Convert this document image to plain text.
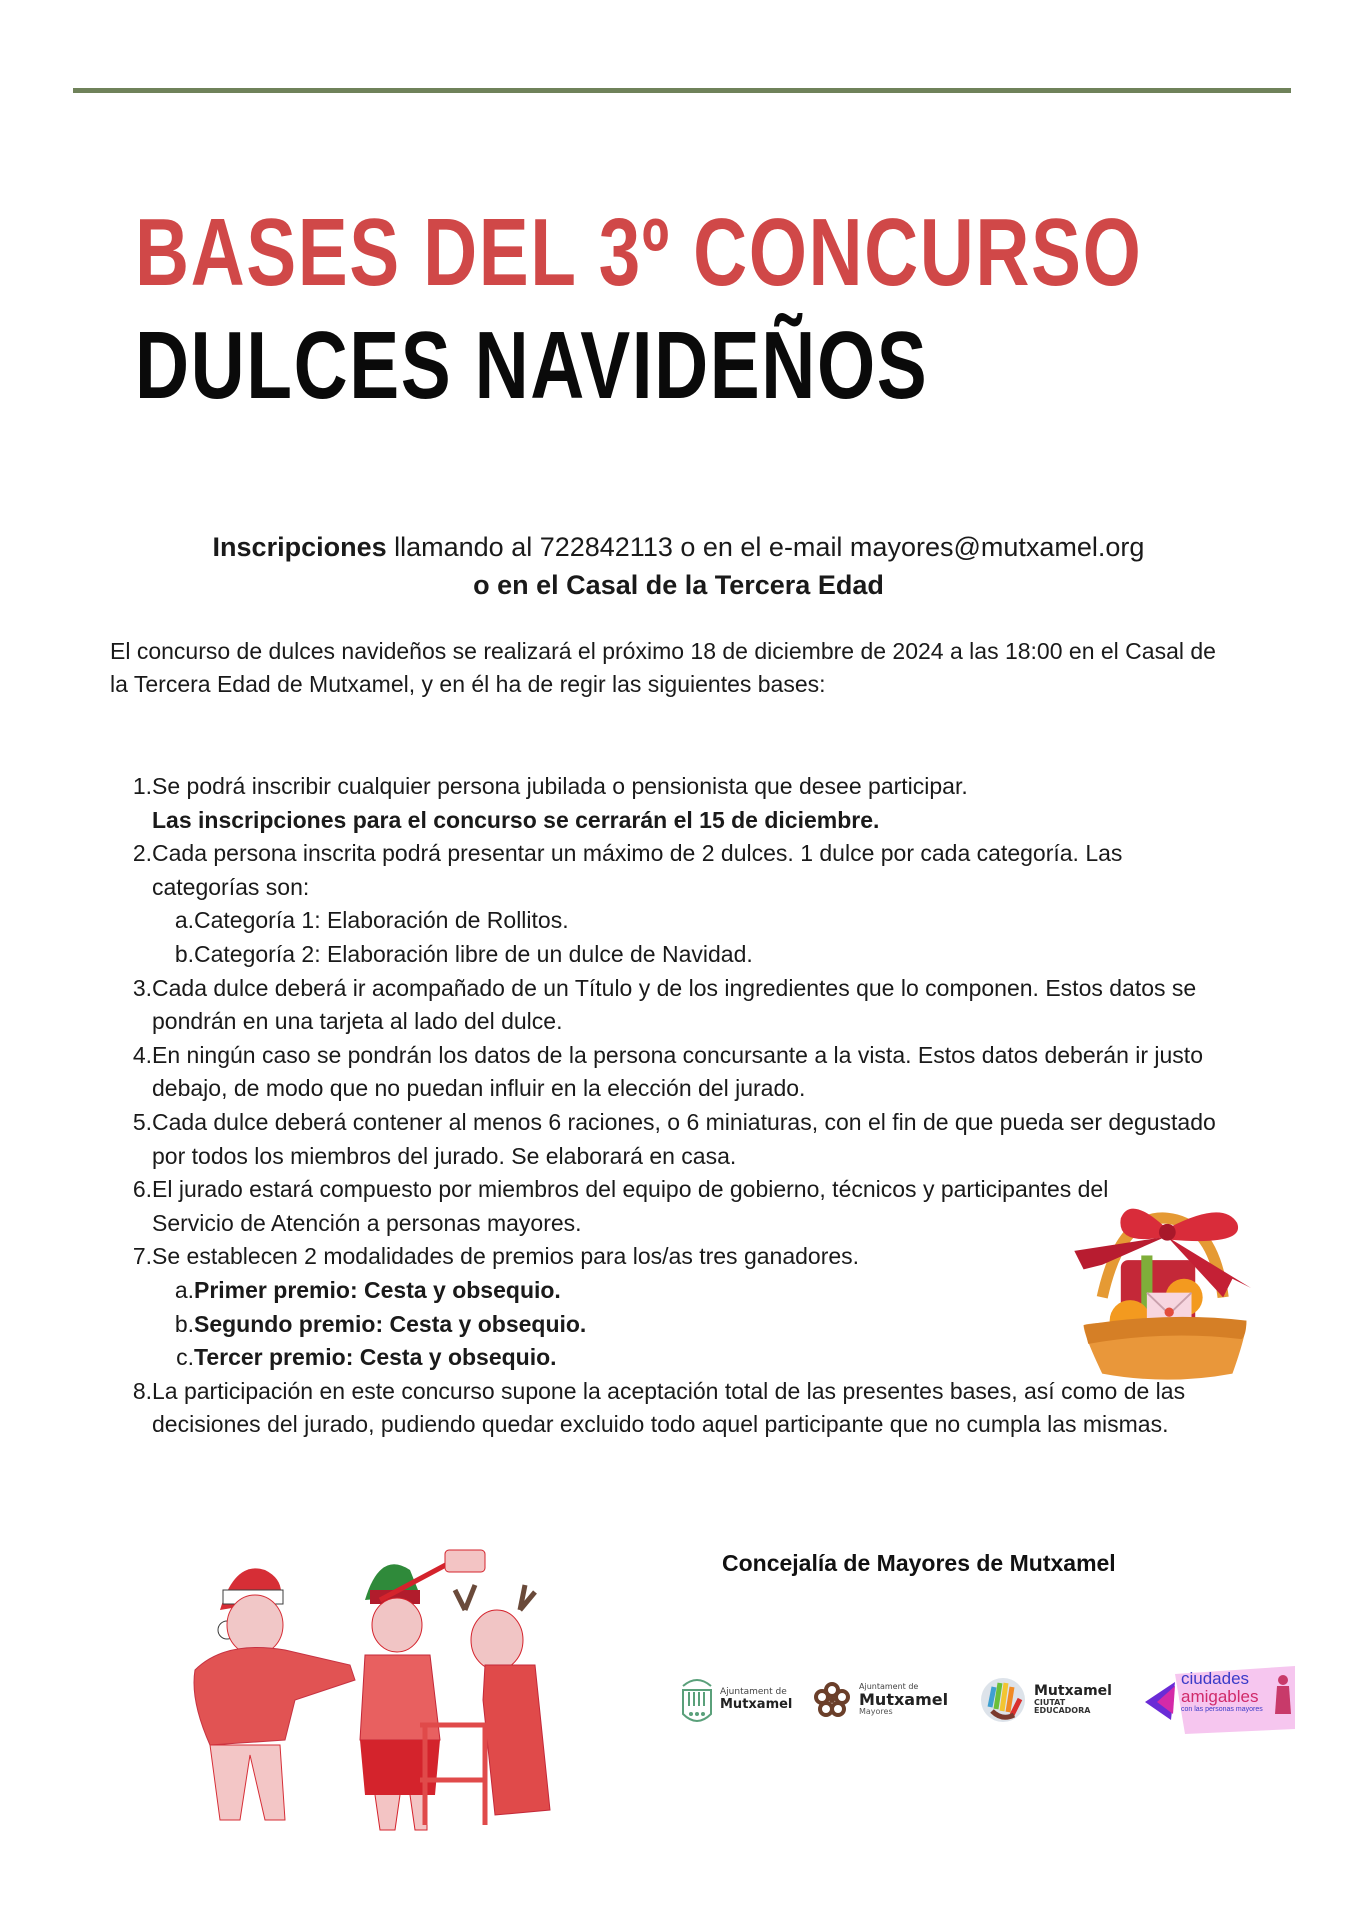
BASES DEL 3º CONCURSO
DULCES NAVIDEÑOS
Inscripciones llamando al 722842113 o en el e-mail mayores@mutxamel.org
o en el Casal de la Tercera Edad
El concurso de dulces navideños se realizará el próximo 18 de diciembre de 2024 a las 18:00 en el Casal de la Tercera Edad de Mutxamel, y en él ha de regir las siguientes bases:
1. Se podrá inscribir cualquier persona jubilada o pensionista que desee participar.
Las inscripciones para el concurso se cerrarán el 15 de diciembre.
2. Cada persona inscrita podrá presentar un máximo de 2 dulces. 1 dulce por cada categoría. Las categorías son:
a. Categoría 1: Elaboración de Rollitos.
b. Categoría 2: Elaboración libre de un dulce de Navidad.
3. Cada dulce deberá ir acompañado de un Título y de los ingredientes que lo componen. Estos datos se pondrán en una tarjeta al lado del dulce.
4. En ningún caso se pondrán los datos de la persona concursante a la vista. Estos datos deberán ir justo debajo, de modo que no puedan influir en la elección del jurado.
5. Cada dulce deberá contener al menos 6 raciones, o 6 miniaturas, con el fin de que pueda ser degustado por todos los miembros del jurado. Se elaborará en casa.
6. El jurado estará compuesto por miembros del equipo de gobierno, técnicos y participantes del Servicio de Atención a personas mayores.
7. Se establecen 2 modalidades de premios para los/as tres ganadores.
a. Primer premio: Cesta y obsequio.
b. Segundo premio: Cesta y obsequio.
c. Tercer premio: Cesta y obsequio.
8. La participación en este concurso supone la aceptación total de las presentes bases, así como de las decisiones del jurado, pudiendo quedar excluido todo aquel participante que no cumpla las mismas.
Concejalía de Mayores de Mutxamel
Ajuntament de
Mutxamel
Ajuntament de
Mutxamel
Mayores
Mutxamel
CIUTAT
EDUCADORA
ciudades
amigables
con las personas mayores
